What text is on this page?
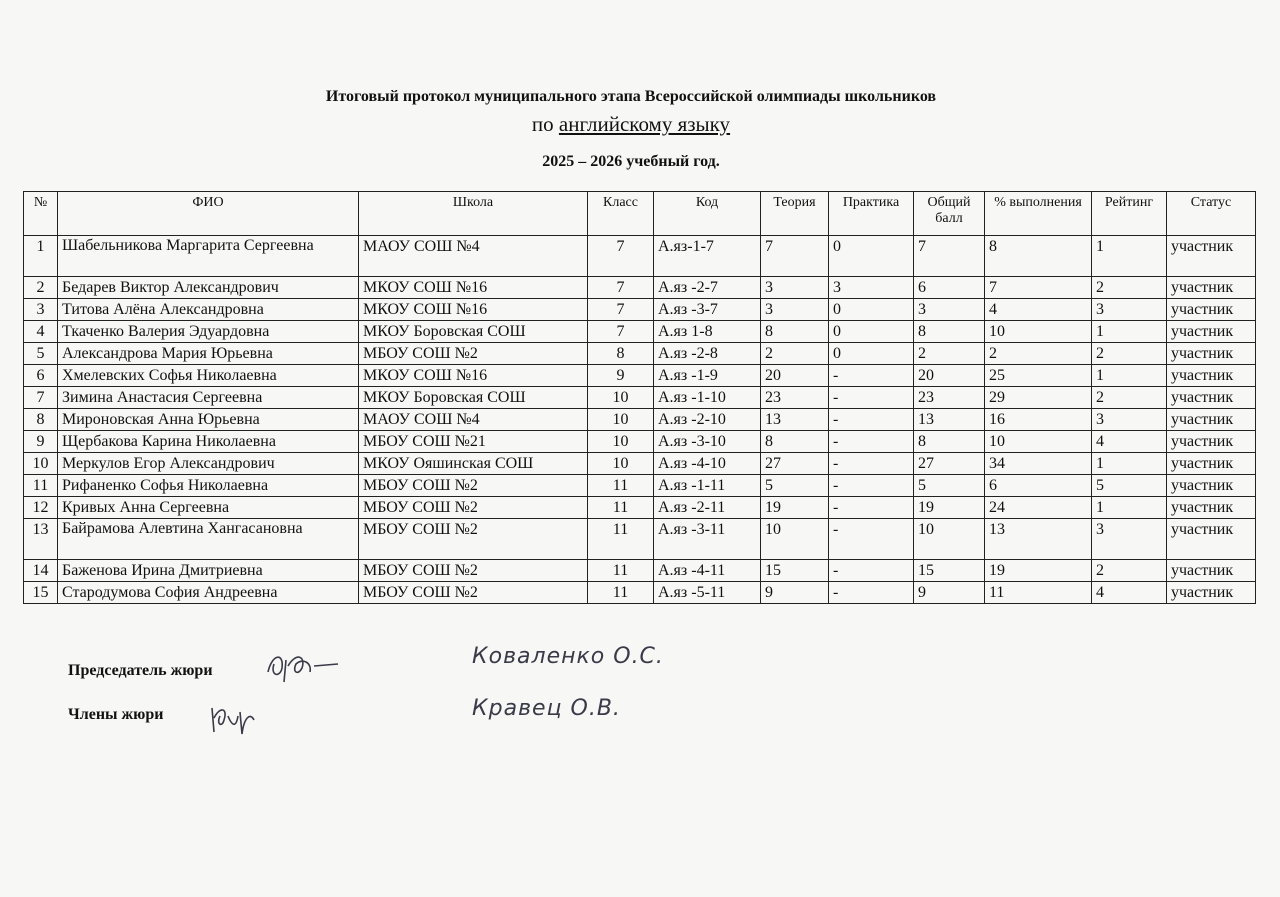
Итоговый протокол муниципального этапа Всероссийской олимпиады школьников
по английскому языку
2025 – 2026 учебный год.
№	ФИО	Школа	Класс	Код	Теория	Практика	Общий балл	% выполнения	Рейтинг	Статус
1	Шабельникова Маргарита Сергеевна	МАОУ СОШ №4	7	А.яз-1-7	7	0	7	8	1	участник
2	Бедарев Виктор Александрович	МКОУ СОШ №16	7	А.яз -2-7	3	3	6	7	2	участник
3	Титова Алёна Александровна	МКОУ СОШ №16	7	А.яз -3-7	3	0	3	4	3	участник
4	Ткаченко Валерия Эдуардовна	МКОУ Боровская СОШ	7	А.яз 1-8	8	0	8	10	1	участник
5	Александрова Мария Юрьевна	МБОУ СОШ №2	8	А.яз -2-8	2	0	2	2	2	участник
6	Хмелевских Софья Николаевна	МКОУ СОШ №16	9	А.яз -1-9	20	-	20	25	1	участник
7	Зимина Анастасия Сергеевна	МКОУ Боровская СОШ	10	А.яз -1-10	23	-	23	29	2	участник
8	Мироновская Анна Юрьевна	МАОУ СОШ №4	10	А.яз -2-10	13	-	13	16	3	участник
9	Щербакова Карина Николаевна	МБОУ СОШ №21	10	А.яз -3-10	8	-	8	10	4	участник
10	Меркулов Егор Александрович	МКОУ Ояшинская СОШ	10	А.яз -4-10	27	-	27	34	1	участник
11	Рифаненко Софья Николаевна	МБОУ СОШ №2	11	А.яз -1-11	5	-	5	6	5	участник
12	Кривых Анна Сергеевна	МБОУ СОШ №2	11	А.яз -2-11	19	-	19	24	1	участник
13	Байрамова Алевтина Хангасановна	МБОУ СОШ №2	11	А.яз -3-11	10	-	10	13	3	участник
14	Баженова Ирина Дмитриевна	МБОУ СОШ №2	11	А.яз -4-11	15	-	15	19	2	участник
15	Стародумова София Андреевна	МБОУ СОШ №2	11	А.яз -5-11	9	-	9	11	4	участник
Председатель жюри
Коваленко О.С.
Члены жюри	Кравец О.В.
